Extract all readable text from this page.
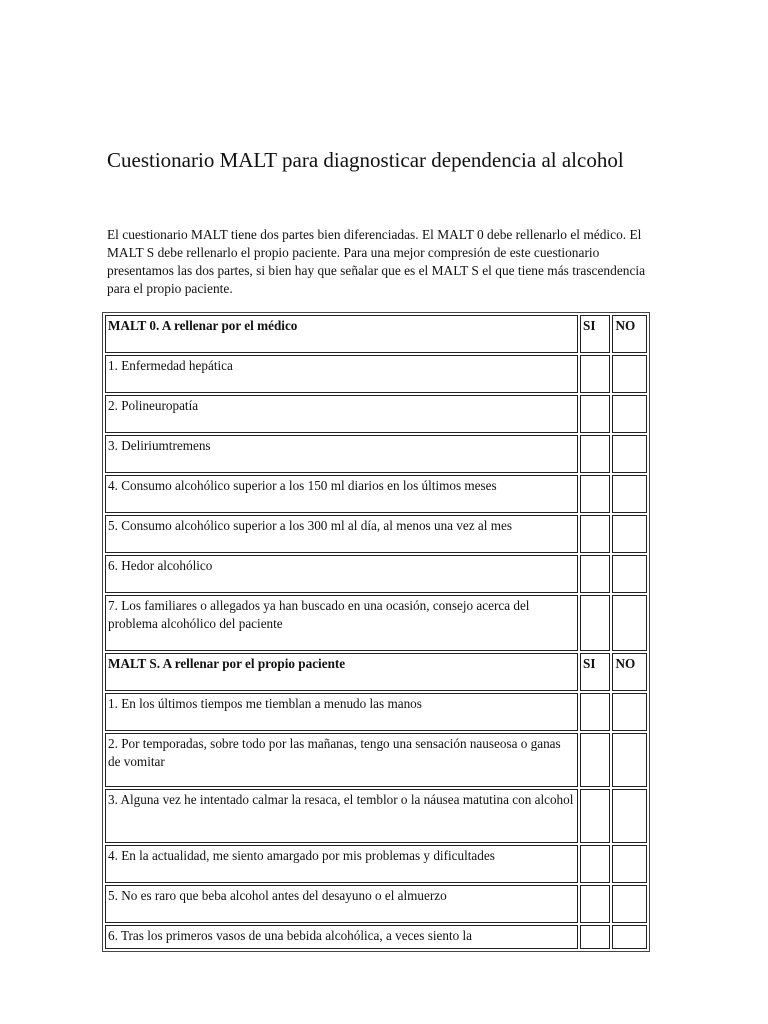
Cuestionario MALT para diagnosticar dependencia al alcohol

El cuestionario MALT tiene dos partes bien diferenciadas. El MALT 0 debe rellenarlo el médico. El MALT S debe rellenarlo el propio paciente. Para una mejor compresión de este cuestionario presentamos las dos partes, si bien hay que señalar que es el MALT S el que tiene más trascendencia para el propio paciente.

MALT 0. A rellenar por el médico	SI	NO
1. Enfermedad hepática		
2. Polineuropatía		
3. Deliriumtremens		
4. Consumo alcohólico superior a los 150 ml diarios en los últimos meses		
5. Consumo alcohólico superior a los 300 ml al día, al menos una vez al mes		
6. Hedor alcohólico		
7. Los familiares o allegados ya han buscado en una ocasión, consejo acerca del problema alcohólico del paciente		
MALT S. A rellenar por el propio paciente	SI	NO
1. En los últimos tiempos me tiemblan a menudo las manos		
2. Por temporadas, sobre todo por las mañanas, tengo una sensación nauseosa o ganas de vomitar		
3. Alguna vez he intentado calmar la resaca, el temblor o la náusea matutina con alcohol		
4. En la actualidad, me siento amargado por mis problemas y dificultades		
5. No es raro que beba alcohol antes del desayuno o el almuerzo		
6. Tras los primeros vasos de una bebida alcohólica, a veces siento la		
